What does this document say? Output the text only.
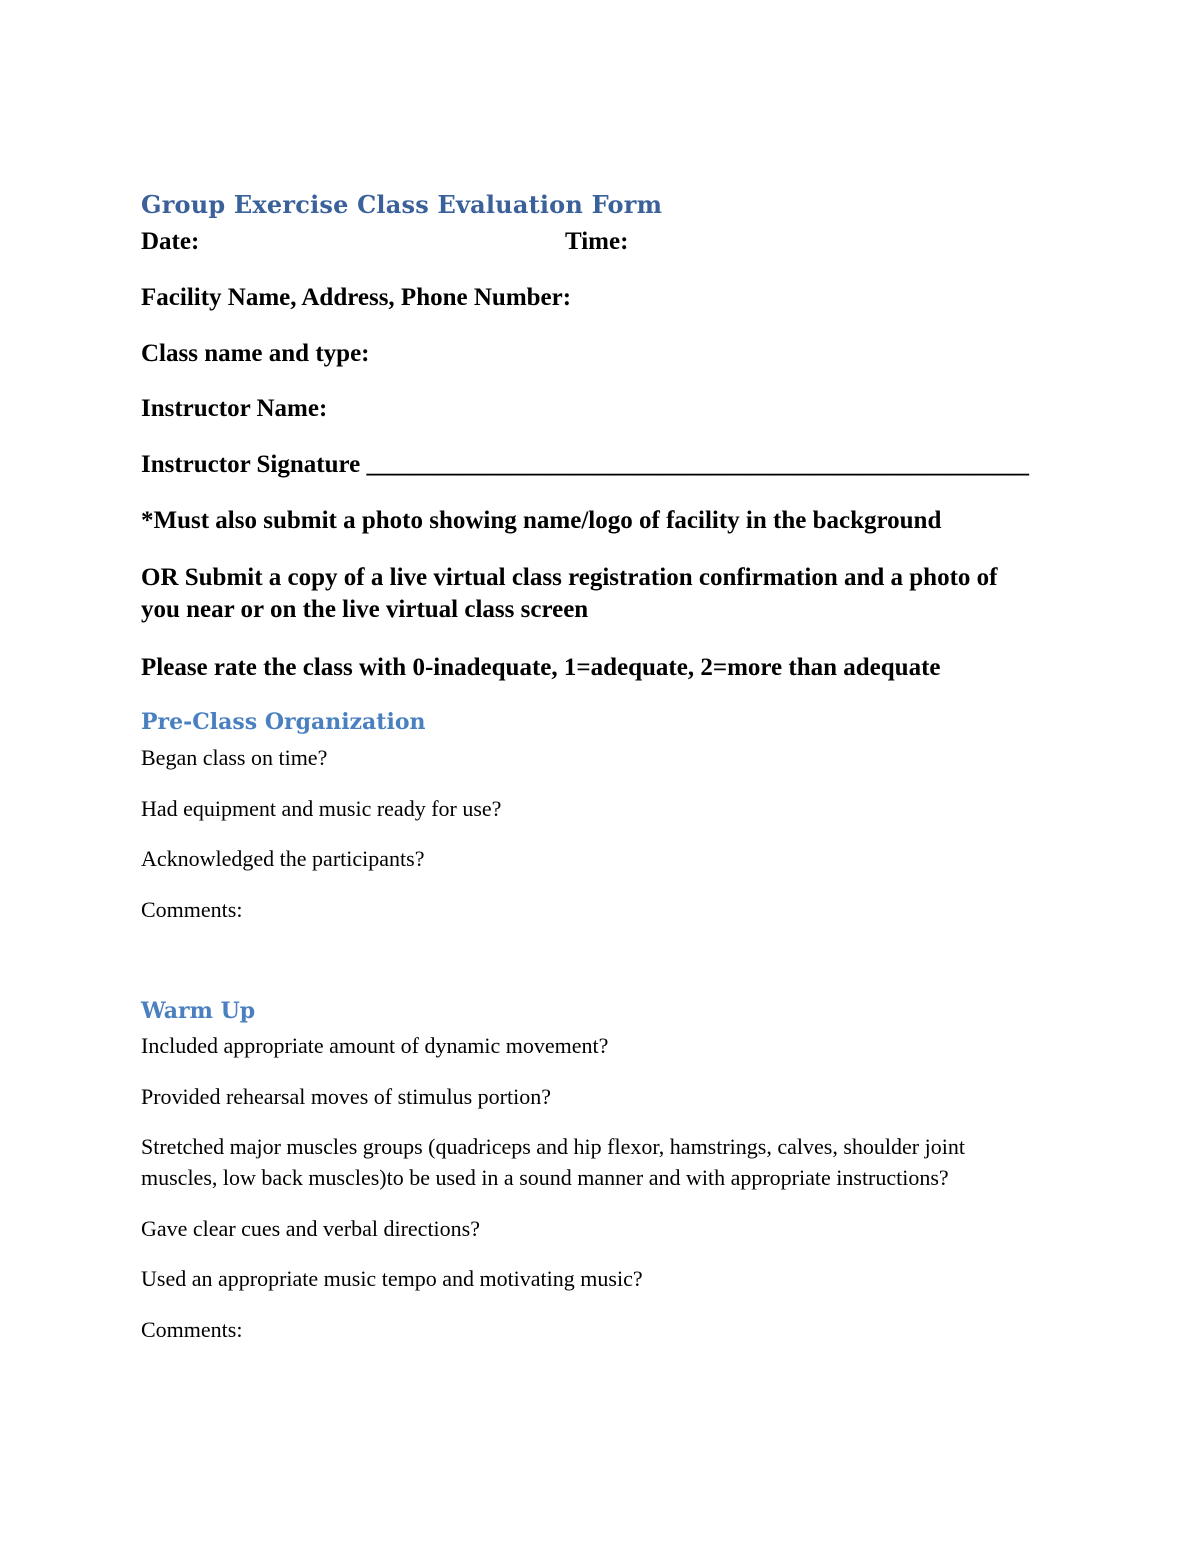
Group Exercise Class Evaluation Form
Date:	Time:
Facility Name, Address, Phone Number:
Class name and type:
Instructor Name:
Instructor Signature _____________________________________________________
*Must also submit a photo showing name/logo of facility in the background
OR Submit a copy of a live virtual class registration confirmation and a photo of you near or on the live virtual class screen
Please rate the class with 0-inadequate, 1=adequate, 2=more than adequate
Pre-Class Organization
Began class on time?
Had equipment and music ready for use?
Acknowledged the participants?
Comments:
Warm Up
Included appropriate amount of dynamic movement?
Provided rehearsal moves of stimulus portion?
Stretched major muscles groups (quadriceps and hip flexor, hamstrings, calves, shoulder joint muscles, low back muscles)to be used in a sound manner and with appropriate instructions?
Gave clear cues and verbal directions?
Used an appropriate music tempo and motivating music?
Comments:
